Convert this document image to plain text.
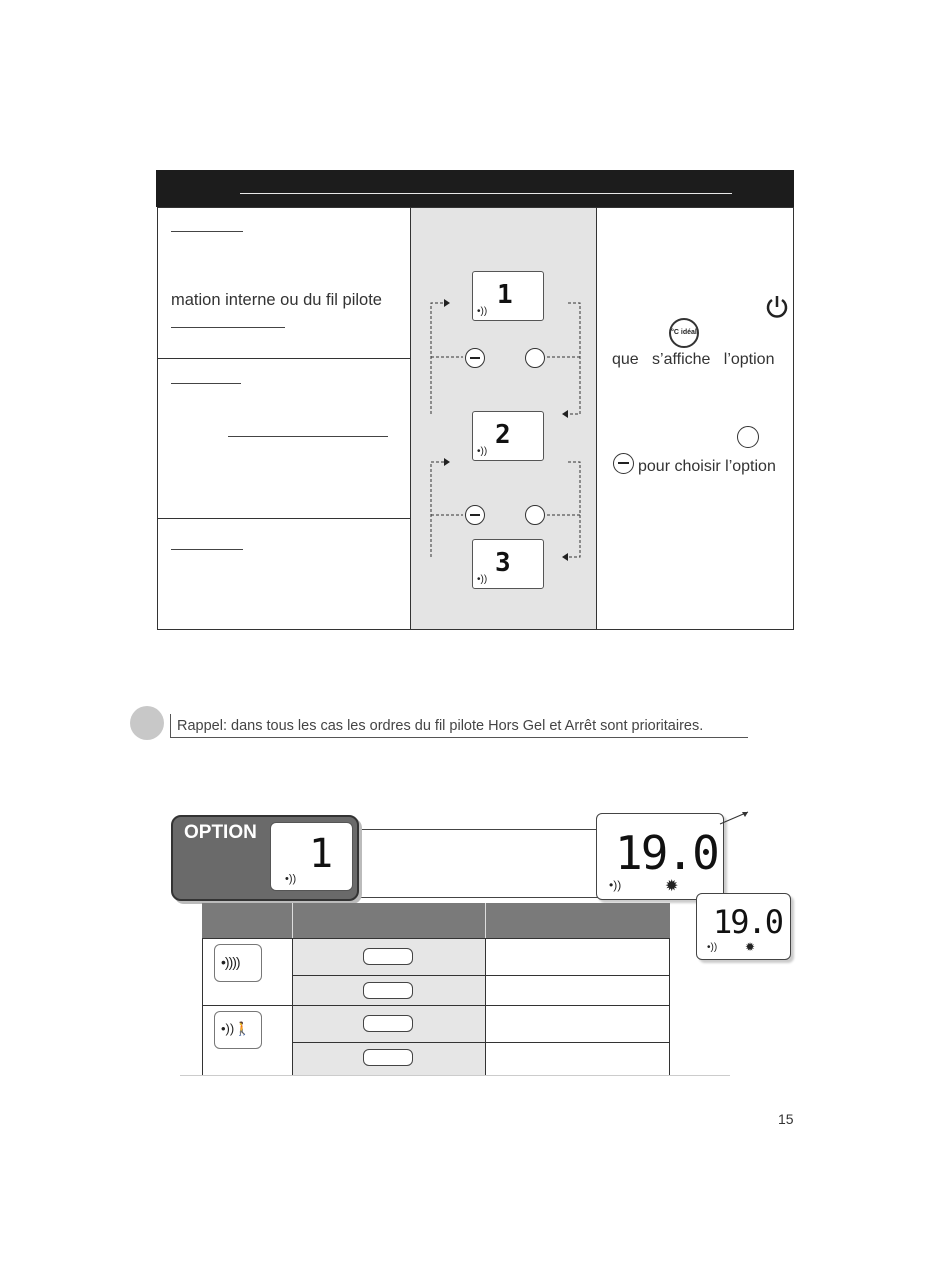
mation interne ou du fil pilote	1
•))
2
•))
3
•))
°C idéal
que   s’affiche   l’option
pour choisir l’option
Rappel: dans tous les cas les ordres du fil pilote Hors Gel et Arrêt sont prioritaires.
OPTION 1
•))	19.0
•))	✹
19.0
•)) ✹
•))))
•))🚶
15
